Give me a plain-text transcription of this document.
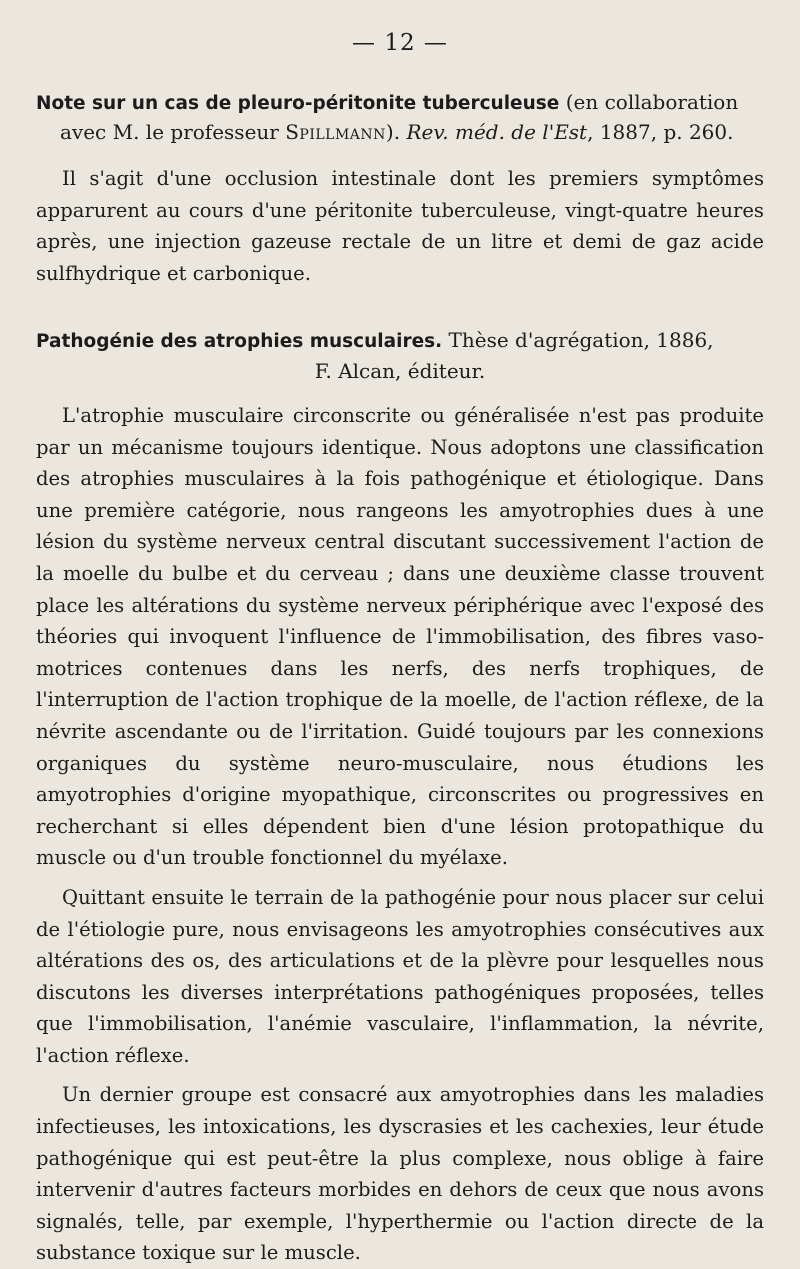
— 12 —
Note sur un cas de pleuro-péritonite tuberculeuse (en collaboration
avec M. le professeur Spillmann). Rev. méd. de l'Est, 1887, p. 260.

Il s'agit d'une occlusion intestinale dont les premiers symptômes apparurent au cours d'une péritonite tuberculeuse, vingt-quatre heures après, une injection gazeuse rectale de un litre et demi de gaz acide sulfhydrique et carbonique.

Pathogénie des atrophies musculaires. Thèse d'agrégation, 1886,
F. Alcan, éditeur.

L'atrophie musculaire circonscrite ou généralisée n'est pas produite par un mécanisme toujours identique. Nous adoptons une classification des atrophies musculaires à la fois pathogénique et étiologique. Dans une première catégorie, nous rangeons les amyotrophies dues à une lésion du système nerveux central discutant successivement l'action de la moelle du bulbe et du cerveau ; dans une deuxième classe trouvent place les altérations du système nerveux périphérique avec l'exposé des théories qui invoquent l'influence de l'immobilisation, des fibres vaso-motrices contenues dans les nerfs, des nerfs trophiques, de l'interruption de l'action trophique de la moelle, de l'action réflexe, de la névrite ascendante ou de l'irritation. Guidé toujours par les connexions organiques du système neuro-musculaire, nous étudions les amyotrophies d'origine myopathique, circonscrites ou progressives en recherchant si elles dépendent bien d'une lésion protopathique du muscle ou d'un trouble fonctionnel du myélaxe.

Quittant ensuite le terrain de la pathogénie pour nous placer sur celui de l'étiologie pure, nous envisageons les amyotrophies consécutives aux altérations des os, des articulations et de la plèvre pour lesquelles nous discutons les diverses interprétations pathogéniques proposées, telles que l'immobilisation, l'anémie vasculaire, l'inflammation, la névrite, l'action réflexe.

Un dernier groupe est consacré aux amyotrophies dans les maladies infectieuses, les intoxications, les dyscrasies et les cachexies, leur étude pathogénique qui est peut-être la plus complexe, nous oblige à faire intervenir d'autres facteurs morbides en dehors de ceux que nous avons signalés, telle, par exemple, l'hyperthermie ou l'action directe de la substance toxique sur le muscle.
